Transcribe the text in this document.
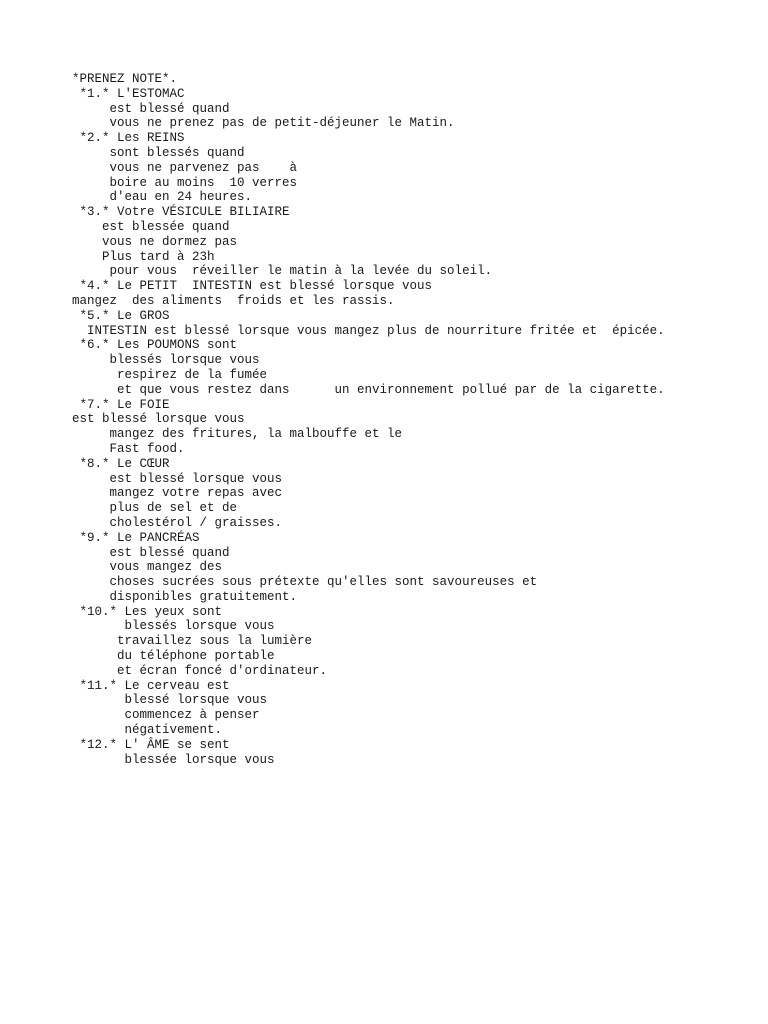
*PRENEZ NOTE*.
*1.* L'ESTOMAC
est blessé quand
vous ne prenez pas de petit-déjeuner le Matin.
*2.* Les REINS
sont blessés quand
vous ne parvenez pas    à
boire au moins  10 verres
d'eau en 24 heures.
*3.* Votre VÉSICULE BILIAIRE
est blessée quand
vous ne dormez pas
Plus tard à 23h
pour vous  réveiller le matin à la levée du soleil.
*4.* Le PETIT  INTESTIN est blessé lorsque vous
mangez  des aliments  froids et les rassis.
*5.* Le GROS
INTESTIN est blessé lorsque vous mangez plus de nourriture fritée et  épicée.
*6.* Les POUMONS sont
blessés lorsque vous
respirez de la fumée
et que vous restez dans      un environnement pollué par de la cigarette.
*7.* Le FOIE
est blessé lorsque vous
mangez des fritures, la malbouffe et le
Fast food.
*8.* Le CŒUR
est blessé lorsque vous
mangez votre repas avec
plus de sel et de
cholestérol / graisses.
*9.* Le PANCRÉAS
est blessé quand
vous mangez des
choses sucrées sous prétexte qu'elles sont savoureuses et
disponibles gratuitement.
*10.* Les yeux sont
blessés lorsque vous
travaillez sous la lumière
du téléphone portable
et écran foncé d'ordinateur.
*11.* Le cerveau est
blessé lorsque vous
commencez à penser
négativement.
*12.* L' ÂME se sent
blessée lorsque vous
